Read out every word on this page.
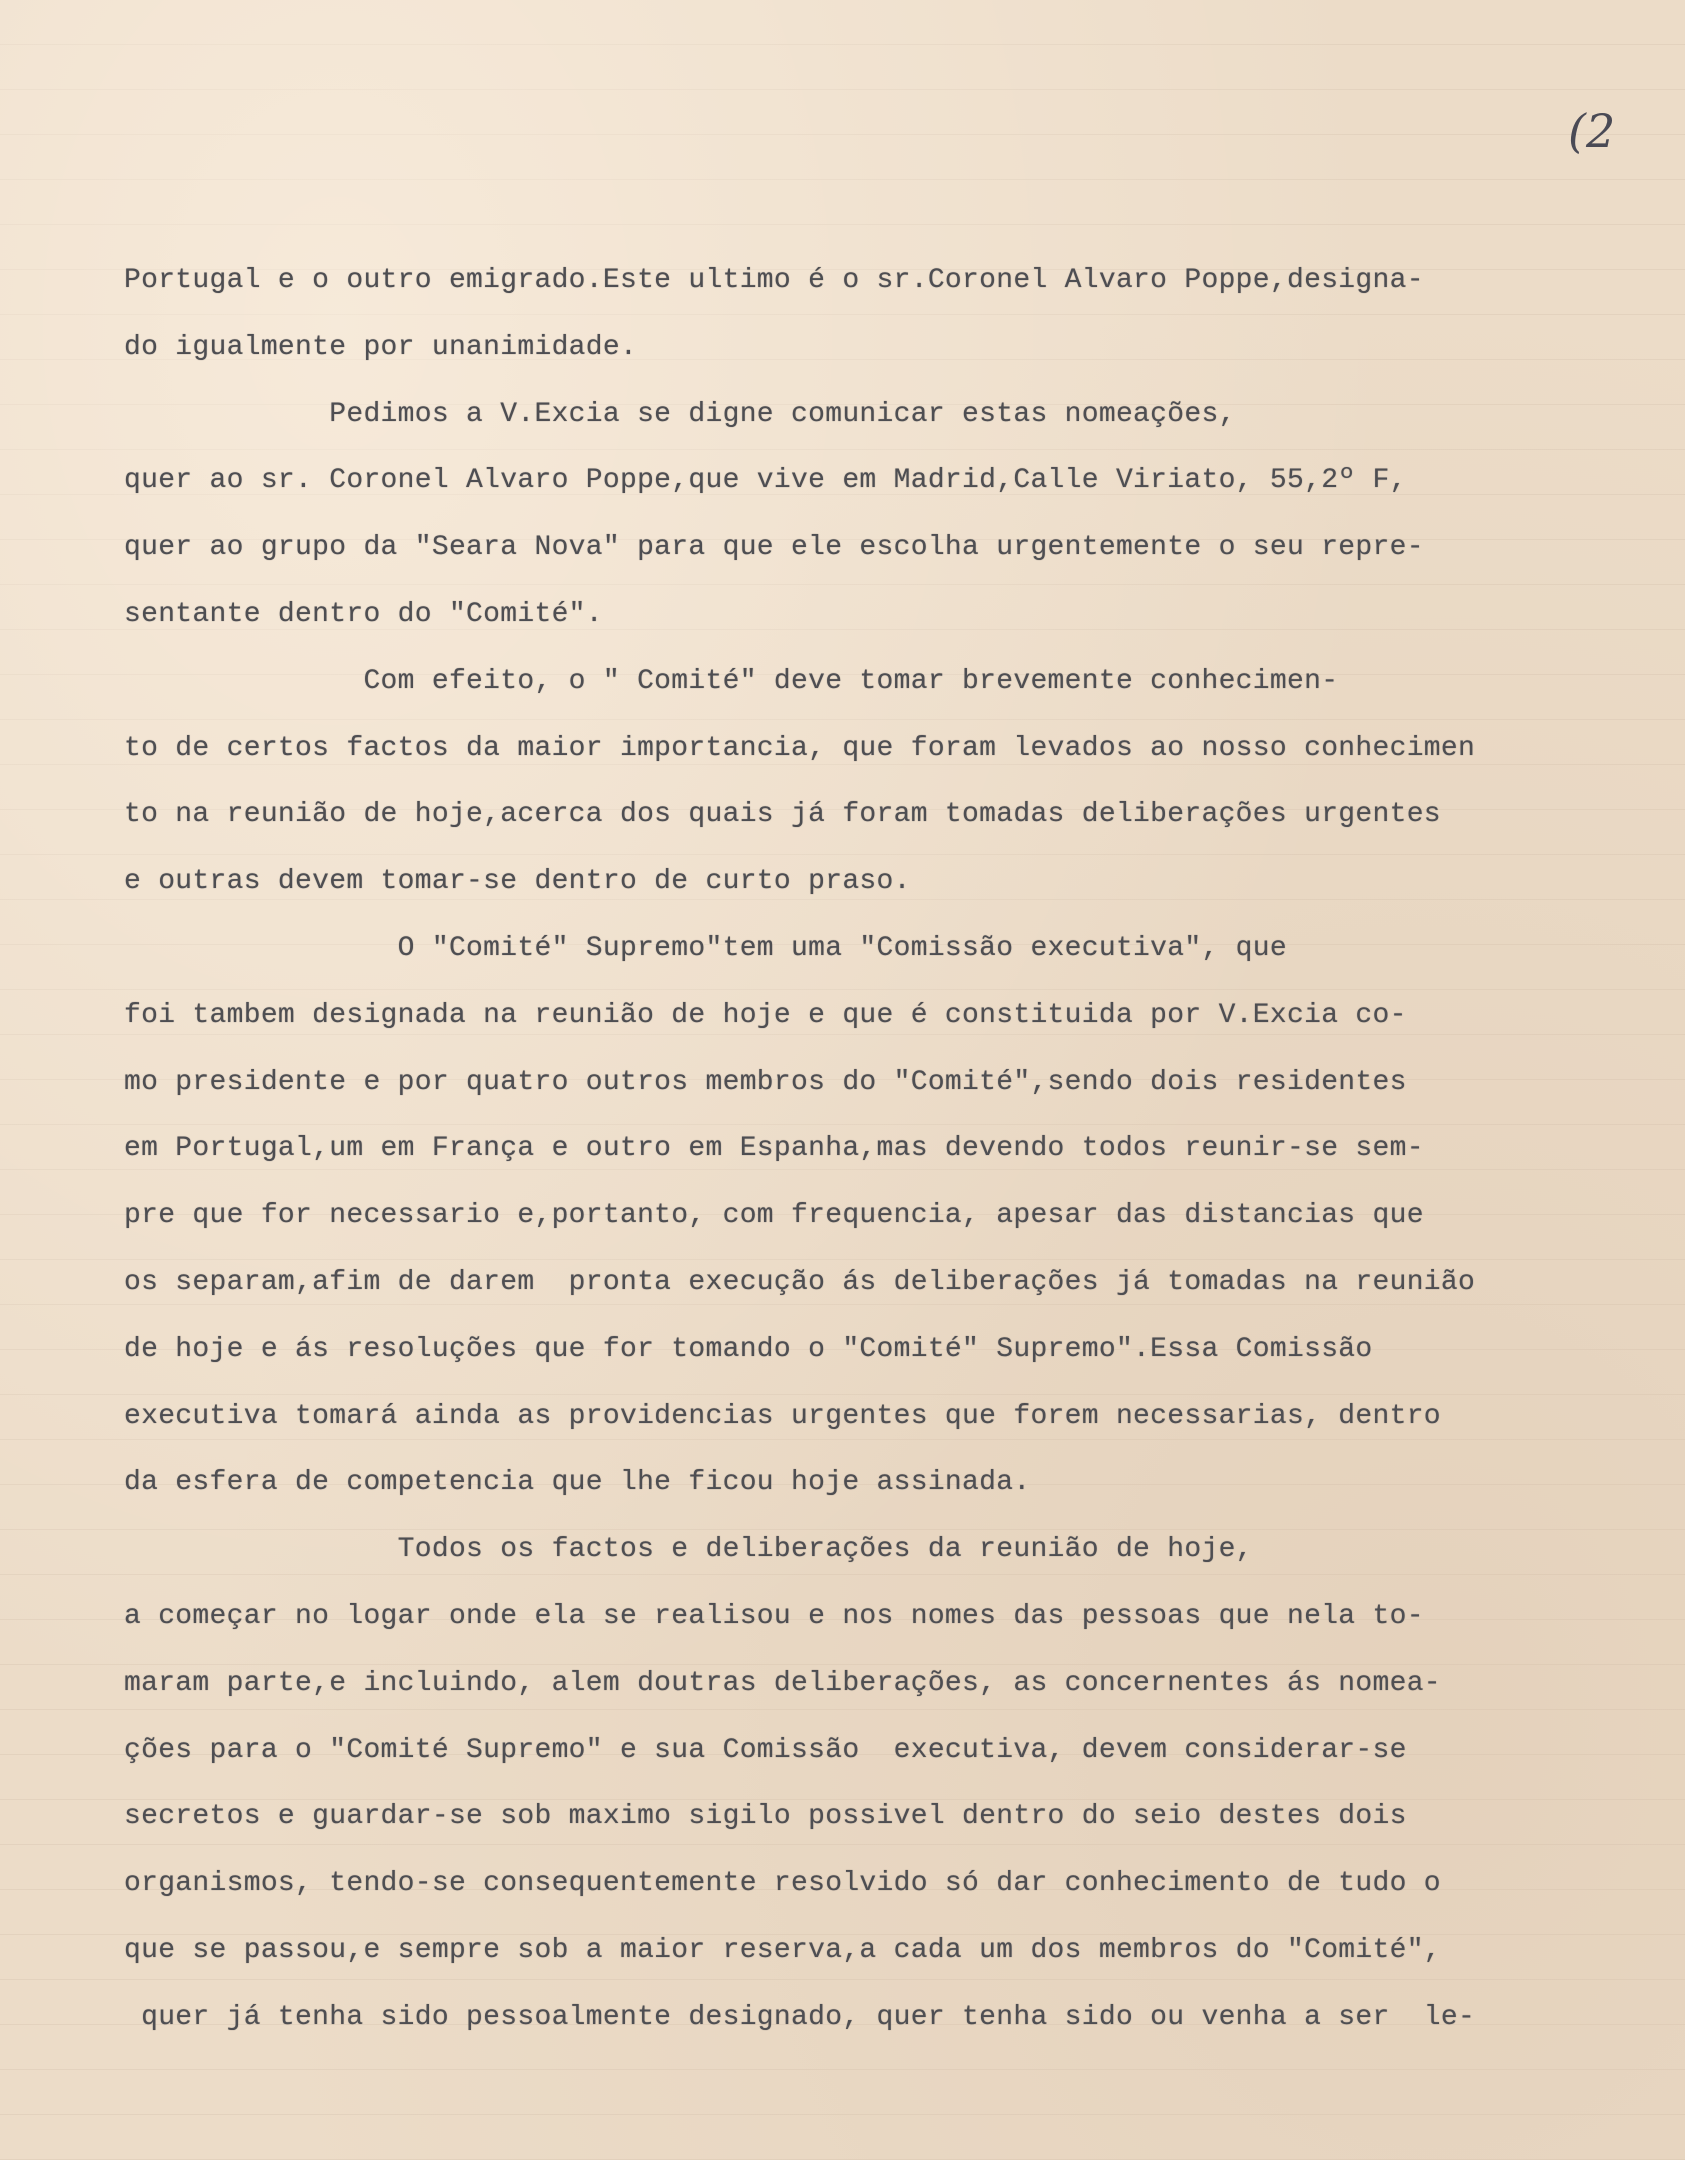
(2
Portugal e o outro emigrado.Este ultimo é o sr.Coronel Alvaro Poppe,designa-
do igualmente por unanimidade.
Pedimos a V.Excia se digne comunicar estas nomeações,
quer ao sr. Coronel Alvaro Poppe,que vive em Madrid,Calle Viriato, 55,2º F,
quer ao grupo da "Seara Nova" para que ele escolha urgentemente o seu repre-
sentante dentro do "Comité".
Com efeito, o " Comité" deve tomar brevemente conhecimen-
to de certos factos da maior importancia, que foram levados ao nosso conhecimen
to na reunião de hoje,acerca dos quais já foram tomadas deliberações urgentes
e outras devem tomar-se dentro de curto praso.
O "Comité" Supremo"tem uma "Comissão executiva", que
foi tambem designada na reunião de hoje e que é constituida por V.Excia co-
mo presidente e por quatro outros membros do "Comité",sendo dois residentes
em Portugal,um em França e outro em Espanha,mas devendo todos reunir-se sem-
pre que for necessario e,portanto, com frequencia, apesar das distancias que
os separam,afim de darem  pronta execução ás deliberações já tomadas na reunião
de hoje e ás resoluções que for tomando o "Comité" Supremo".Essa Comissão
executiva tomará ainda as providencias urgentes que forem necessarias, dentro
da esfera de competencia que lhe ficou hoje assinada.
Todos os factos e deliberações da reunião de hoje,
a começar no logar onde ela se realisou e nos nomes das pessoas que nela to-
maram parte,e incluindo, alem doutras deliberações, as concernentes ás nomea-
ções para o "Comité Supremo" e sua Comissão  executiva, devem considerar-se
secretos e guardar-se sob maximo sigilo possivel dentro do seio destes dois
organismos, tendo-se consequentemente resolvido só dar conhecimento de tudo o
que se passou,e sempre sob a maior reserva,a cada um dos membros do "Comité",
quer já tenha sido pessoalmente designado, quer tenha sido ou venha a ser  le-
